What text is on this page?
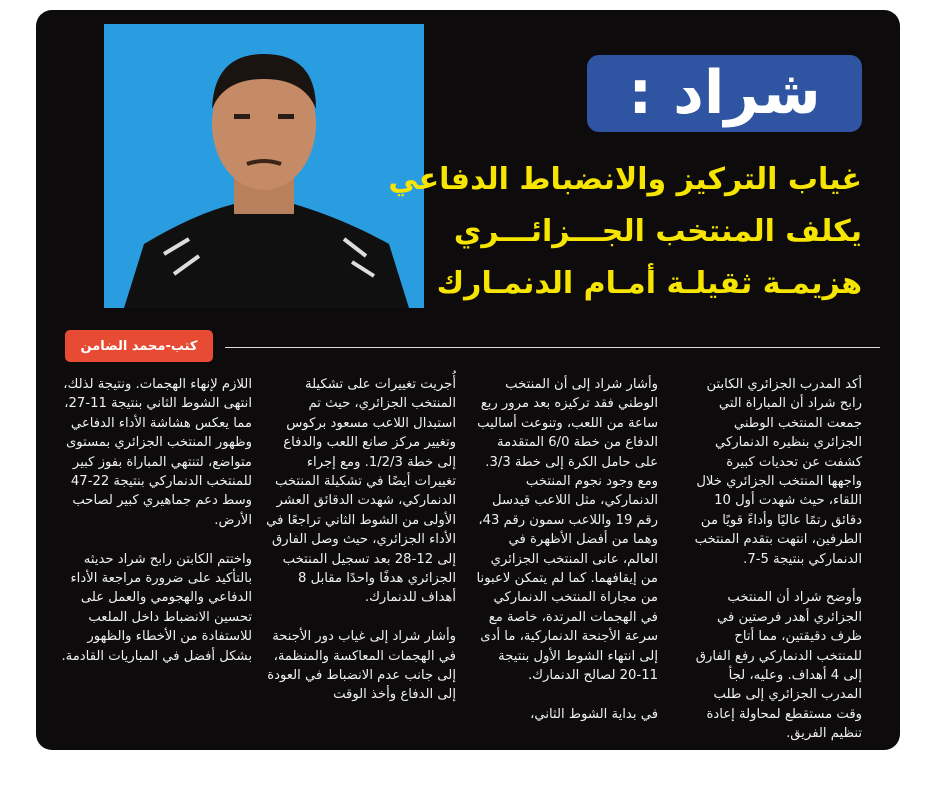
شراد :
غياب التركيز والانضباط الدفاعي
يكلف المنتخب الجـــزائـــري
هزيمـة ثقيلـة أمـام الدنمـارك
كتب-محمد الضامن

أكد المدرب الجزائري الكابتن رابح شراد أن المباراة التي جمعت المنتخب الوطني الجزائري بنظيره الدنماركي كشفت عن تحديات كبيرة واجهها المنتخب الجزائري خلال اللقاء، حيث شهدت أول 10 دقائق رتمًا عاليًا وأداءً قويًا من الطرفين، انتهت بتقدم المنتخب الدنماركي بنتيجة 5-7.

وأوضح شراد أن المنتخب الجزائري أهدر فرصتين في ظرف دقيقتين، مما أتاح للمنتخب الدنماركي رفع الفارق إلى 4 أهداف. وعليه، لجأ المدرب الجزائري إلى طلب وقت مستقطع لمحاولة إعادة تنظيم الفريق.

وأشار شراد إلى أن المنتخب الوطني فقد تركيزه بعد مرور ربع ساعة من اللعب، وتنوعت أساليب الدفاع من خطة 6/0 المتقدمة على حامل الكرة إلى خطة 3/3. ومع وجود نجوم المنتخب الدنماركي، مثل اللاعب قيدسل رقم 19 واللاعب سمون رقم 43، وهما من أفضل الأظهرة في العالم، عانى المنتخب الجزائري من إيقافهما. كما لم يتمكن لاعبونا من مجاراة المنتخب الدنماركي في الهجمات المرتدة، خاصة مع سرعة الأجنحة الدنماركية، ما أدى إلى انتهاء الشوط الأول بنتيجة 11-20 لصالح الدنمارك.

في بداية الشوط الثاني،

أُجريت تغييرات على تشكيلة المنتخب الجزائري، حيث تم استبدال اللاعب مسعود بركوس وتغيير مركز صانع اللعب والدفاع إلى خطة 1/2/3. ومع إجراء تغييرات أيضًا في تشكيلة المنتخب الدنماركي، شهدت الدقائق العشر الأولى من الشوط الثاني تراجعًا في الأداء الجزائري، حيث وصل الفارق إلى 12-28 بعد تسجيل المنتخب الجزائري هدفًا واحدًا مقابل 8 أهداف للدنمارك.

وأشار شراد إلى غياب دور الأجنحة في الهجمات المعاكسة والمنظمة، إلى جانب عدم الانضباط في العودة إلى الدفاع وأخذ الوقت

اللازم لإنهاء الهجمات. ونتيجة لذلك، انتهى الشوط الثاني بنتيجة 11-27، مما يعكس هشاشة الأداء الدفاعي وظهور المنتخب الجزائري بمستوى متواضع، لتنتهي المباراة بفوز كبير للمنتخب الدنماركي بنتيجة 22-47 وسط دعم جماهيري كبير لصاحب الأرض.

واختتم الكابتن رابح شراد حديثه بالتأكيد على ضرورة مراجعة الأداء الدفاعي والهجومي والعمل على تحسين الانضباط داخل الملعب للاستفادة من الأخطاء والظهور بشكل أفضل في المباريات القادمة.
